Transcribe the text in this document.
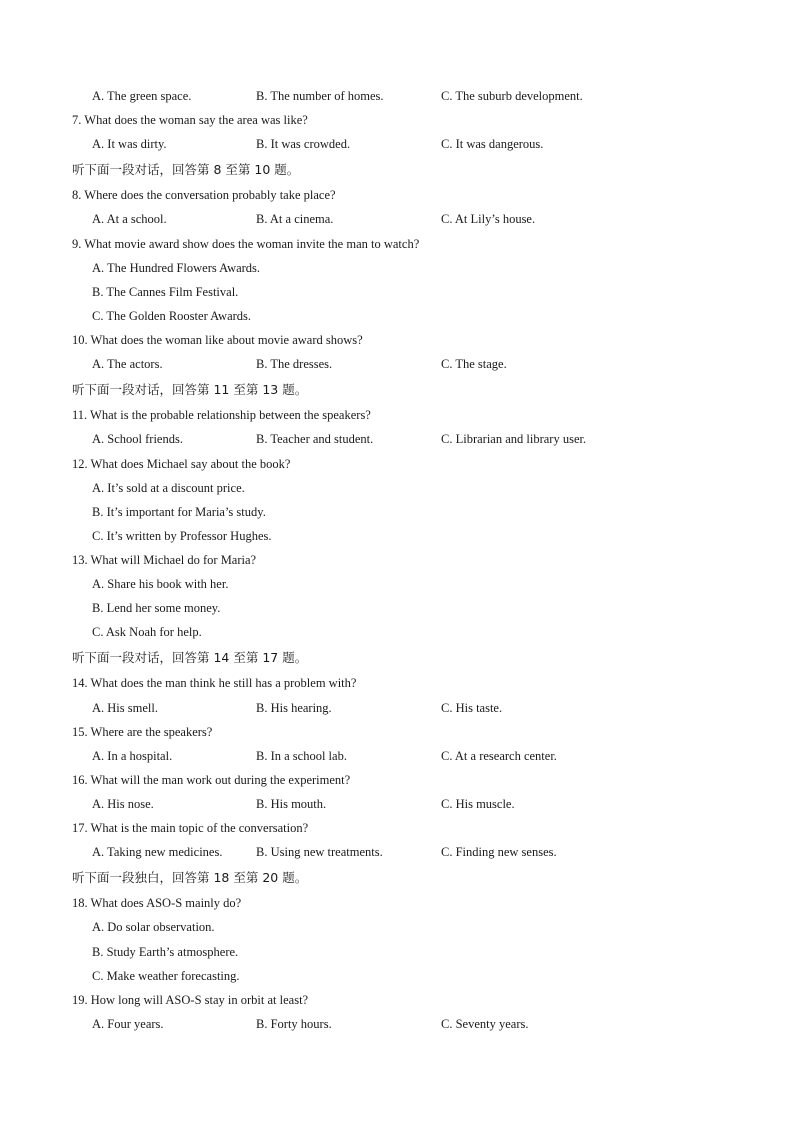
A. The green space.	B. The number of homes.	C. The suburb development.
7. What does the woman say the area was like?
A. It was dirty.	B. It was crowded.	C. It was dangerous.
听下面一段对话，回答第 8 至第 10 题。
8. Where does the conversation probably take place?
A. At a school.	B. At a cinema.	C. At Lily’s house.
9. What movie award show does the woman invite the man to watch?
A. The Hundred Flowers Awards.
B. The Cannes Film Festival.
C. The Golden Rooster Awards.
10. What does the woman like about movie award shows?
A. The actors.	B. The dresses.	C. The stage.
听下面一段对话，回答第 11 至第 13 题。
11. What is the probable relationship between the speakers?
A. School friends.	B. Teacher and student.	C. Librarian and library user.
12. What does Michael say about the book?
A. It’s sold at a discount price.
B. It’s important for Maria’s study.
C. It’s written by Professor Hughes.
13. What will Michael do for Maria?
A. Share his book with her.
B. Lend her some money.
C. Ask Noah for help.
听下面一段对话，回答第 14 至第 17 题。
14. What does the man think he still has a problem with?
A. His smell.	B. His hearing.	C. His taste.
15. Where are the speakers?
A. In a hospital.	B. In a school lab.	C. At a research center.
16. What will the man work out during the experiment?
A. His nose.	B. His mouth.	C. His muscle.
17. What is the main topic of the conversation?
A. Taking new medicines.	B. Using new treatments.	C. Finding new senses.
听下面一段独白，回答第 18 至第 20 题。
18. What does ASO-S mainly do?
A. Do solar observation.
B. Study Earth’s atmosphere.
C. Make weather forecasting.
19. How long will ASO-S stay in orbit at least?
A. Four years.	B. Forty hours.	C. Seventy years.
